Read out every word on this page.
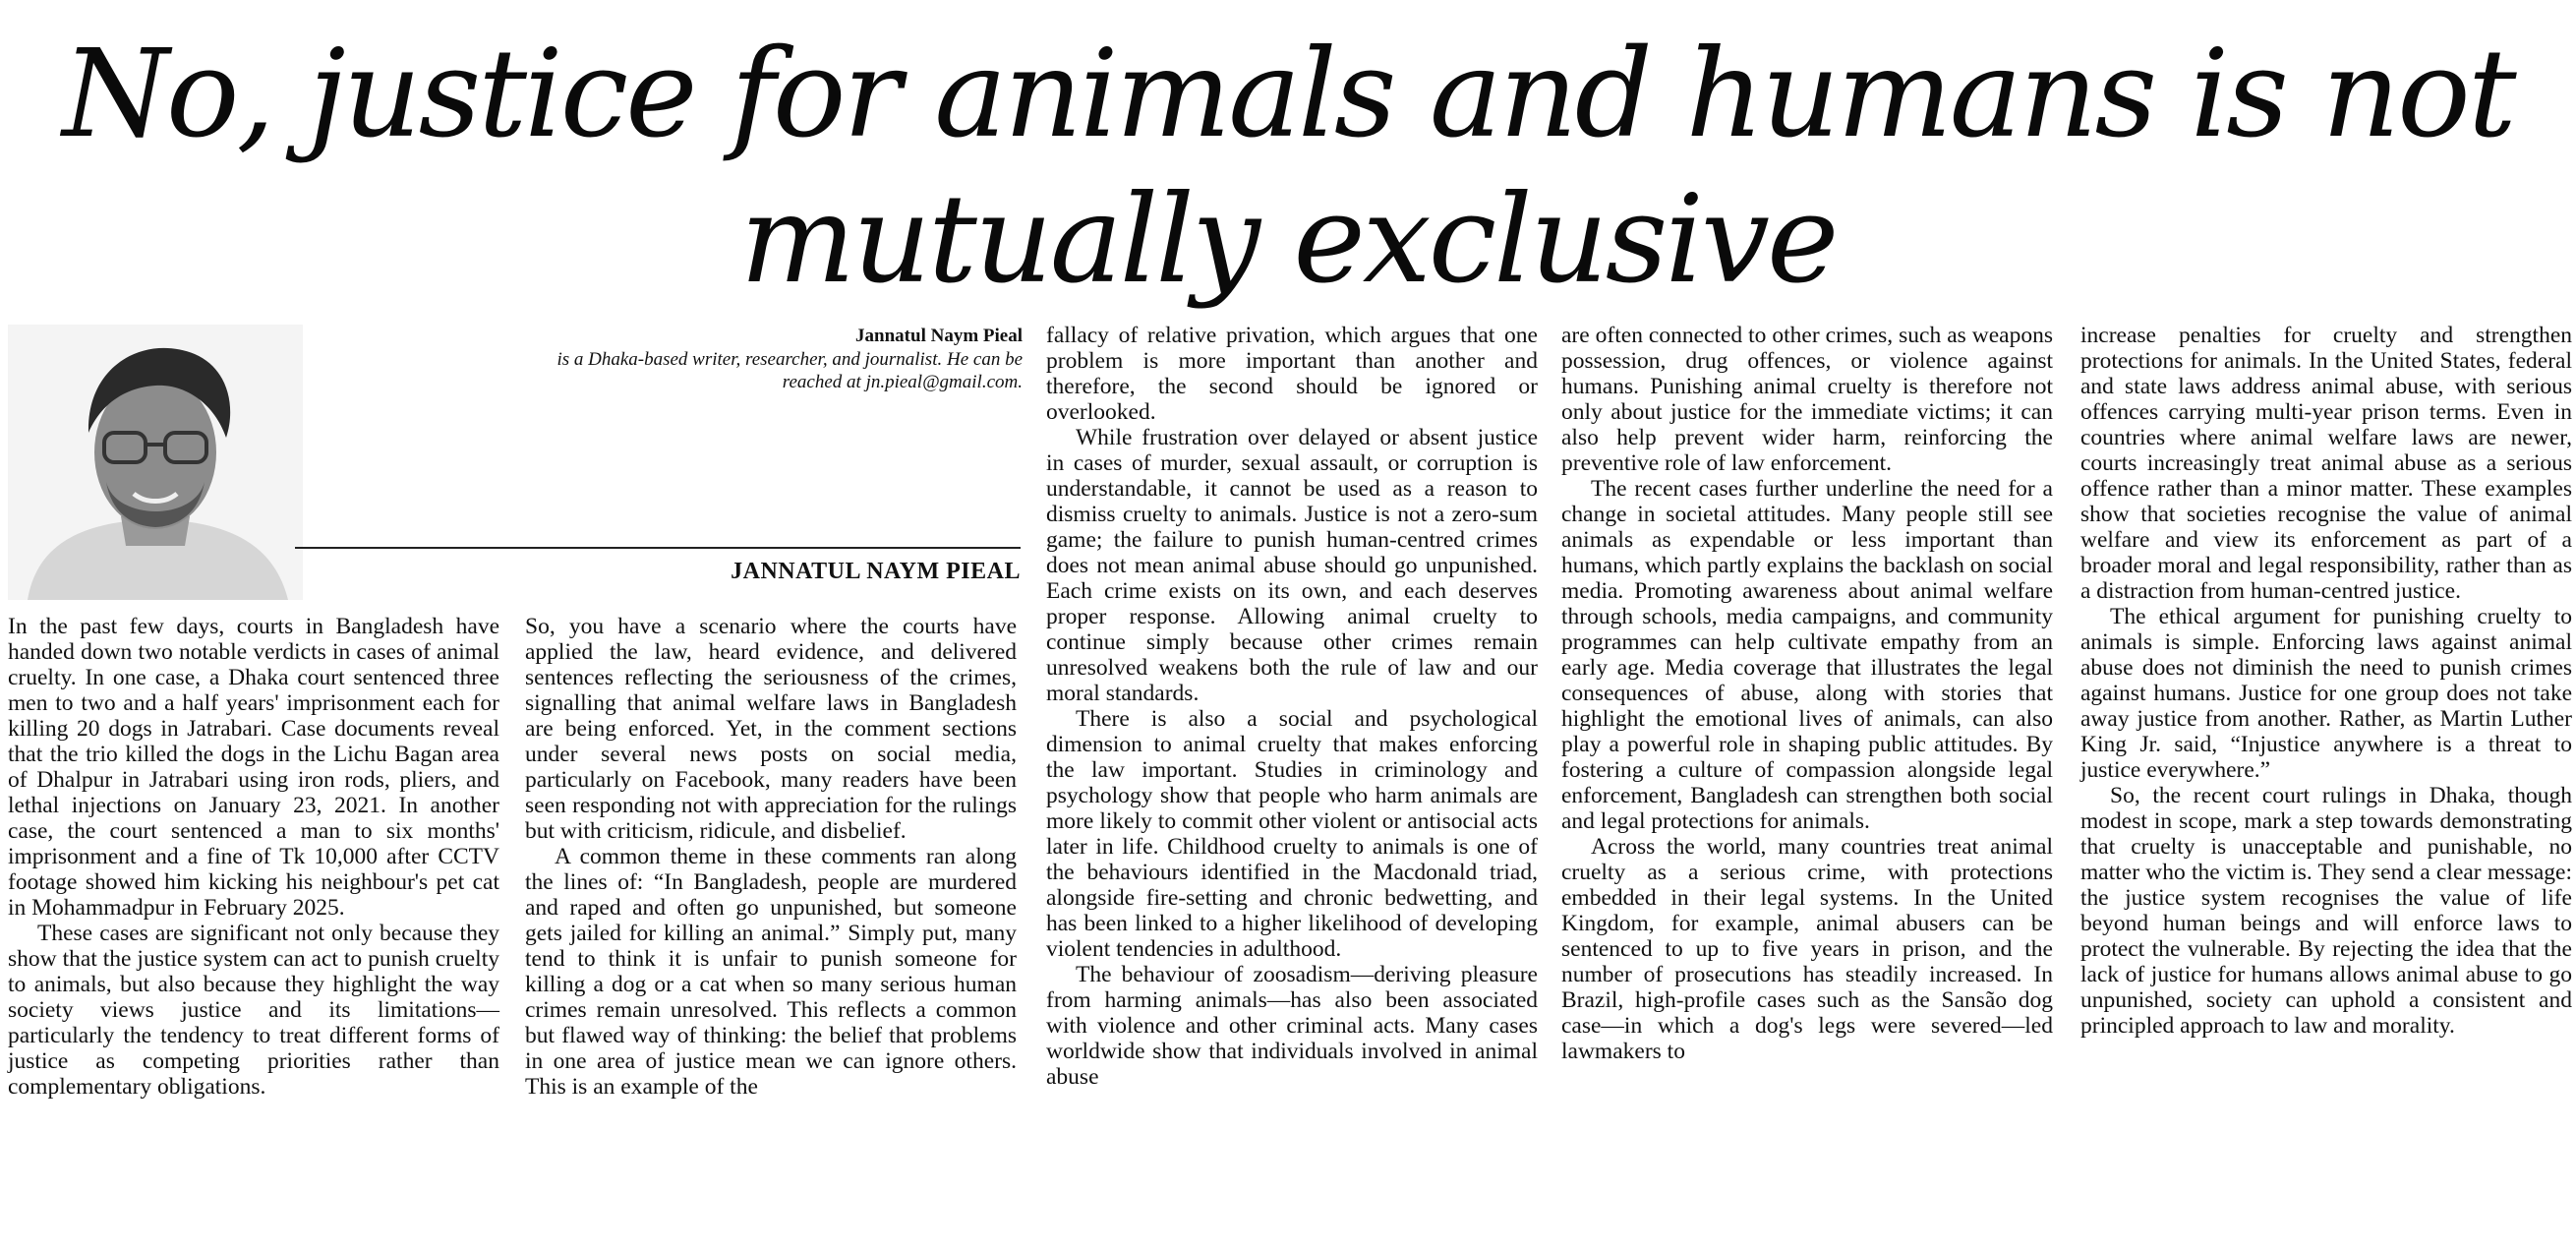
No, justice for animals and humans is not mutually exclusive
Jannatul Naym Pieal
is a Dhaka-based writer, researcher, and journalist. He can be reached at jn.pieal@gmail.com.
JANNATUL NAYM PIEAL

In the past few days, courts in Bangladesh have handed down two notable verdicts in cases of animal cruelty. In one case, a Dhaka court sentenced three men to two and a half years' imprisonment each for killing 20 dogs in Jatrabari. Case documents reveal that the trio killed the dogs in the Lichu Bagan area of Dhalpur in Jatrabari using iron rods, pliers, and lethal injections on January 23, 2021. In another case, the court sentenced a man to six months' imprisonment and a fine of Tk 10,000 after CCTV footage showed him kicking his neighbour's pet cat in Mohammadpur in February 2025.

These cases are significant not only because they show that the justice system can act to punish cruelty to animals, but also because they highlight the way society views justice and its limitations—particularly the tendency to treat different forms of justice as competing priorities rather than complementary obligations.

So, you have a scenario where the courts have applied the law, heard evidence, and delivered sentences reflecting the seriousness of the crimes, signalling that animal welfare laws in Bangladesh are being enforced. Yet, in the comment sections under several news posts on social media, particularly on Facebook, many readers have been seen responding not with appreciation for the rulings but with criticism, ridicule, and disbelief.

A common theme in these comments ran along the lines of: “In Bangladesh, people are murdered and raped and often go unpunished, but someone gets jailed for killing an animal.” Simply put, many tend to think it is unfair to punish someone for killing a dog or a cat when so many serious human crimes remain unresolved. This reflects a common but flawed way of thinking: the belief that problems in one area of justice mean we can ignore others. This is an example of the

fallacy of relative privation, which argues that one problem is more important than another and therefore, the second should be ignored or overlooked.

While frustration over delayed or absent justice in cases of murder, sexual assault, or corruption is understandable, it cannot be used as a reason to dismiss cruelty to animals. Justice is not a zero-sum game; the failure to punish human-centred crimes does not mean animal abuse should go unpunished. Each crime exists on its own, and each deserves proper response. Allowing animal cruelty to continue simply because other crimes remain unresolved weakens both the rule of law and our moral standards.

There is also a social and psychological dimension to animal cruelty that makes enforcing the law important. Studies in criminology and psychology show that people who harm animals are more likely to commit other violent or antisocial acts later in life. Childhood cruelty to animals is one of the behaviours identified in the Macdonald triad, alongside fire-setting and chronic bedwetting, and has been linked to a higher likelihood of developing violent tendencies in adulthood.

The behaviour of zoosadism—deriving pleasure from harming animals—has also been associated with violence and other criminal acts. Many cases worldwide show that individuals involved in animal abuse

are often connected to other crimes, such as weapons possession, drug offences, or violence against humans. Punishing animal cruelty is therefore not only about justice for the immediate victims; it can also help prevent wider harm, reinforcing the preventive role of law enforcement.

The recent cases further underline the need for a change in societal attitudes. Many people still see animals as expendable or less important than humans, which partly explains the backlash on social media. Promoting awareness about animal welfare through schools, media campaigns, and community programmes can help cultivate empathy from an early age. Media coverage that illustrates the legal consequences of abuse, along with stories that highlight the emotional lives of animals, can also play a powerful role in shaping public attitudes. By fostering a culture of compassion alongside legal enforcement, Bangladesh can strengthen both social and legal protections for animals.

Across the world, many countries treat animal cruelty as a serious crime, with protections embedded in their legal systems. In the United Kingdom, for example, animal abusers can be sentenced to up to five years in prison, and the number of prosecutions has steadily increased. In Brazil, high-profile cases such as the Sansão dog case—in which a dog's legs were severed—led lawmakers to

increase penalties for cruelty and strengthen protections for animals. In the United States, federal and state laws address animal abuse, with serious offences carrying multi-year prison terms. Even in countries where animal welfare laws are newer, courts increasingly treat animal abuse as a serious offence rather than a minor matter. These examples show that societies recognise the value of animal welfare and view its enforcement as part of a broader moral and legal responsibility, rather than as a distraction from human-centred justice.

The ethical argument for punishing cruelty to animals is simple. Enforcing laws against animal abuse does not diminish the need to punish crimes against humans. Justice for one group does not take away justice from another. Rather, as Martin Luther King Jr. said, “Injustice anywhere is a threat to justice everywhere.”

So, the recent court rulings in Dhaka, though modest in scope, mark a step towards demonstrating that cruelty is unacceptable and punishable, no matter who the victim is. They send a clear message: the justice system recognises the value of life beyond human beings and will enforce laws to protect the vulnerable. By rejecting the idea that the lack of justice for humans allows animal abuse to go unpunished, society can uphold a consistent and principled approach to law and morality.
